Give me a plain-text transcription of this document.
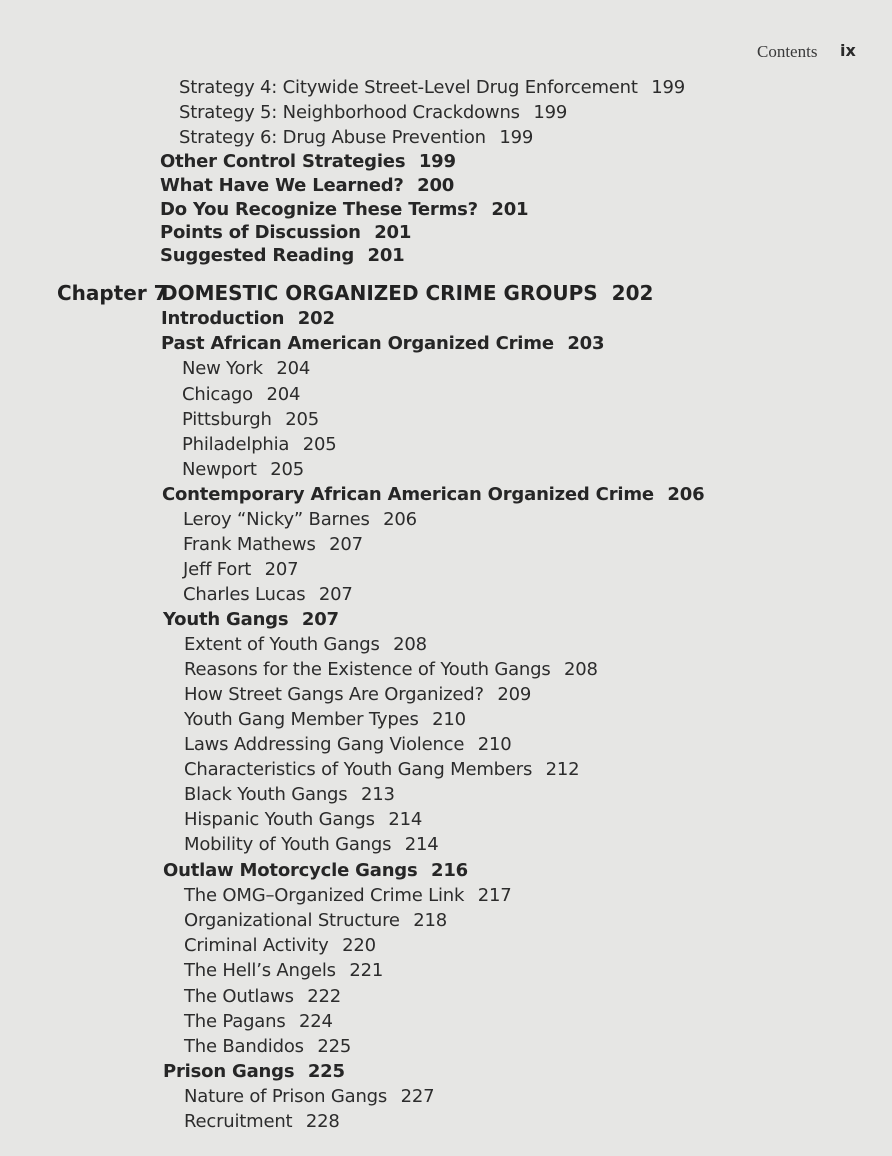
Contents ix
Strategy 4: Citywide Street-Level Drug Enforcement 199
Strategy 5: Neighborhood Crackdowns 199
Strategy 6: Drug Abuse Prevention 199
Other Control Strategies 199
What Have We Learned? 200
Do You Recognize These Terms? 201
Points of Discussion 201
Suggested Reading 201
Chapter 7
DOMESTIC ORGANIZED CRIME GROUPS 202
Introduction 202
Past African American Organized Crime 203
New York 204
Chicago 204
Pittsburgh 205
Philadelphia 205
Newport 205
Contemporary African American Organized Crime 206
Leroy “Nicky” Barnes 206
Frank Mathews 207
Jeff Fort 207
Charles Lucas 207
Youth Gangs 207
Extent of Youth Gangs 208
Reasons for the Existence of Youth Gangs 208
How Street Gangs Are Organized? 209
Youth Gang Member Types 210
Laws Addressing Gang Violence 210
Characteristics of Youth Gang Members 212
Black Youth Gangs 213
Hispanic Youth Gangs 214
Mobility of Youth Gangs 214
Outlaw Motorcycle Gangs 216
The OMG–Organized Crime Link 217
Organizational Structure 218
Criminal Activity 220
The Hell’s Angels 221
The Outlaws 222
The Pagans 224
The Bandidos 225
Prison Gangs 225
Nature of Prison Gangs 227
Recruitment 228
